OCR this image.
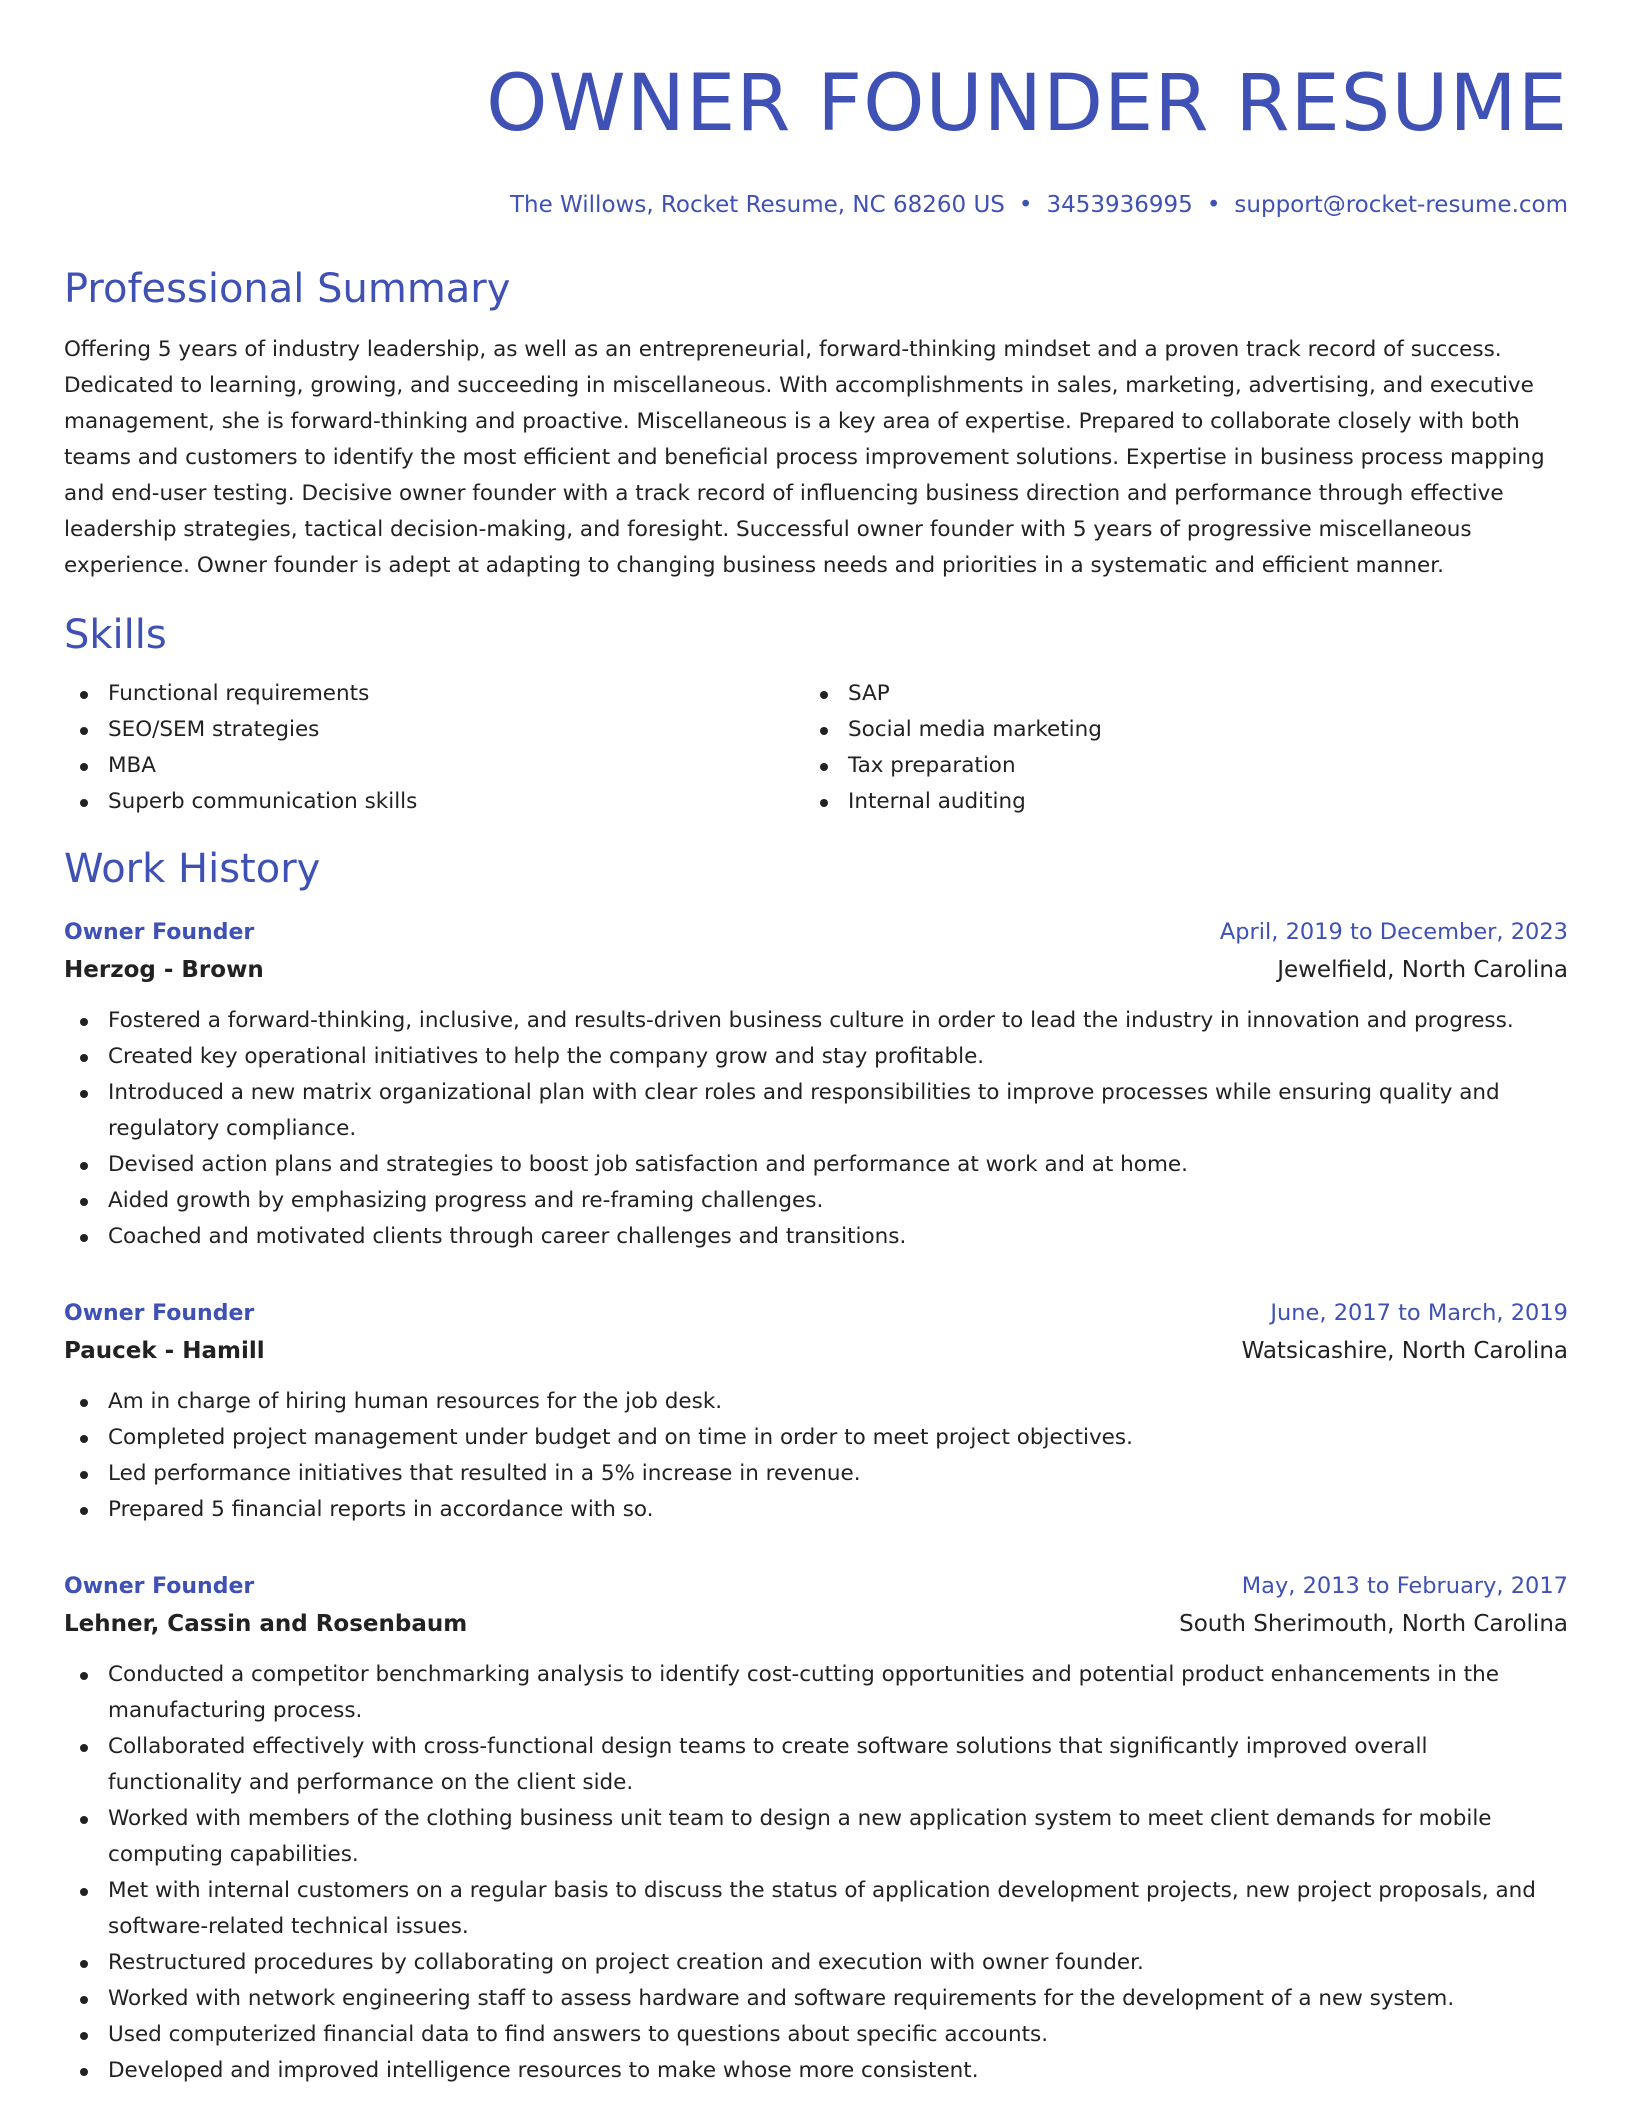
OWNER FOUNDER RESUME
The Willows, Rocket Resume, NC 68260 US • 3453936995 • support@rocket-resume.com
Professional Summary
Offering 5 years of industry leadership, as well as an entrepreneurial, forward-thinking mindset and a proven track record of success. Dedicated to learning, growing, and succeeding in miscellaneous. With accomplishments in sales, marketing, advertising, and executive management, she is forward-thinking and proactive. Miscellaneous is a key area of expertise. Prepared to collaborate closely with both teams and customers to identify the most efficient and beneficial process improvement solutions. Expertise in business process mapping and end-user testing. Decisive owner founder with a track record of influencing business direction and performance through effective leadership strategies, tactical decision-making, and foresight. Successful owner founder with 5 years of progressive miscellaneous experience. Owner founder is adept at adapting to changing business needs and priorities in a systematic and efficient manner.
Skills
Functional requirements
SEO/SEM strategies
MBA
Superb communication skills
SAP
Social media marketing
Tax preparation
Internal auditing
Work History
Owner Founder	April, 2019 to December, 2023
Herzog - Brown	Jewelfield, North Carolina
Fostered a forward-thinking, inclusive, and results-driven business culture in order to lead the industry in innovation and progress.
Created key operational initiatives to help the company grow and stay profitable.
Introduced a new matrix organizational plan with clear roles and responsibilities to improve processes while ensuring quality and regulatory compliance.
Devised action plans and strategies to boost job satisfaction and performance at work and at home.
Aided growth by emphasizing progress and re-framing challenges.
Coached and motivated clients through career challenges and transitions.
Owner Founder	June, 2017 to March, 2019
Paucek - Hamill	Watsicashire, North Carolina
Am in charge of hiring human resources for the job desk.
Completed project management under budget and on time in order to meet project objectives.
Led performance initiatives that resulted in a 5% increase in revenue.
Prepared 5 financial reports in accordance with so.
Owner Founder	May, 2013 to February, 2017
Lehner, Cassin and Rosenbaum	South Sherimouth, North Carolina
Conducted a competitor benchmarking analysis to identify cost-cutting opportunities and potential product enhancements in the manufacturing process.
Collaborated effectively with cross-functional design teams to create software solutions that significantly improved overall functionality and performance on the client side.
Worked with members of the clothing business unit team to design a new application system to meet client demands for mobile computing capabilities.
Met with internal customers on a regular basis to discuss the status of application development projects, new project proposals, and software-related technical issues.
Restructured procedures by collaborating on project creation and execution with owner founder.
Worked with network engineering staff to assess hardware and software requirements for the development of a new system.
Used computerized financial data to find answers to questions about specific accounts.
Developed and improved intelligence resources to make whose more consistent.
